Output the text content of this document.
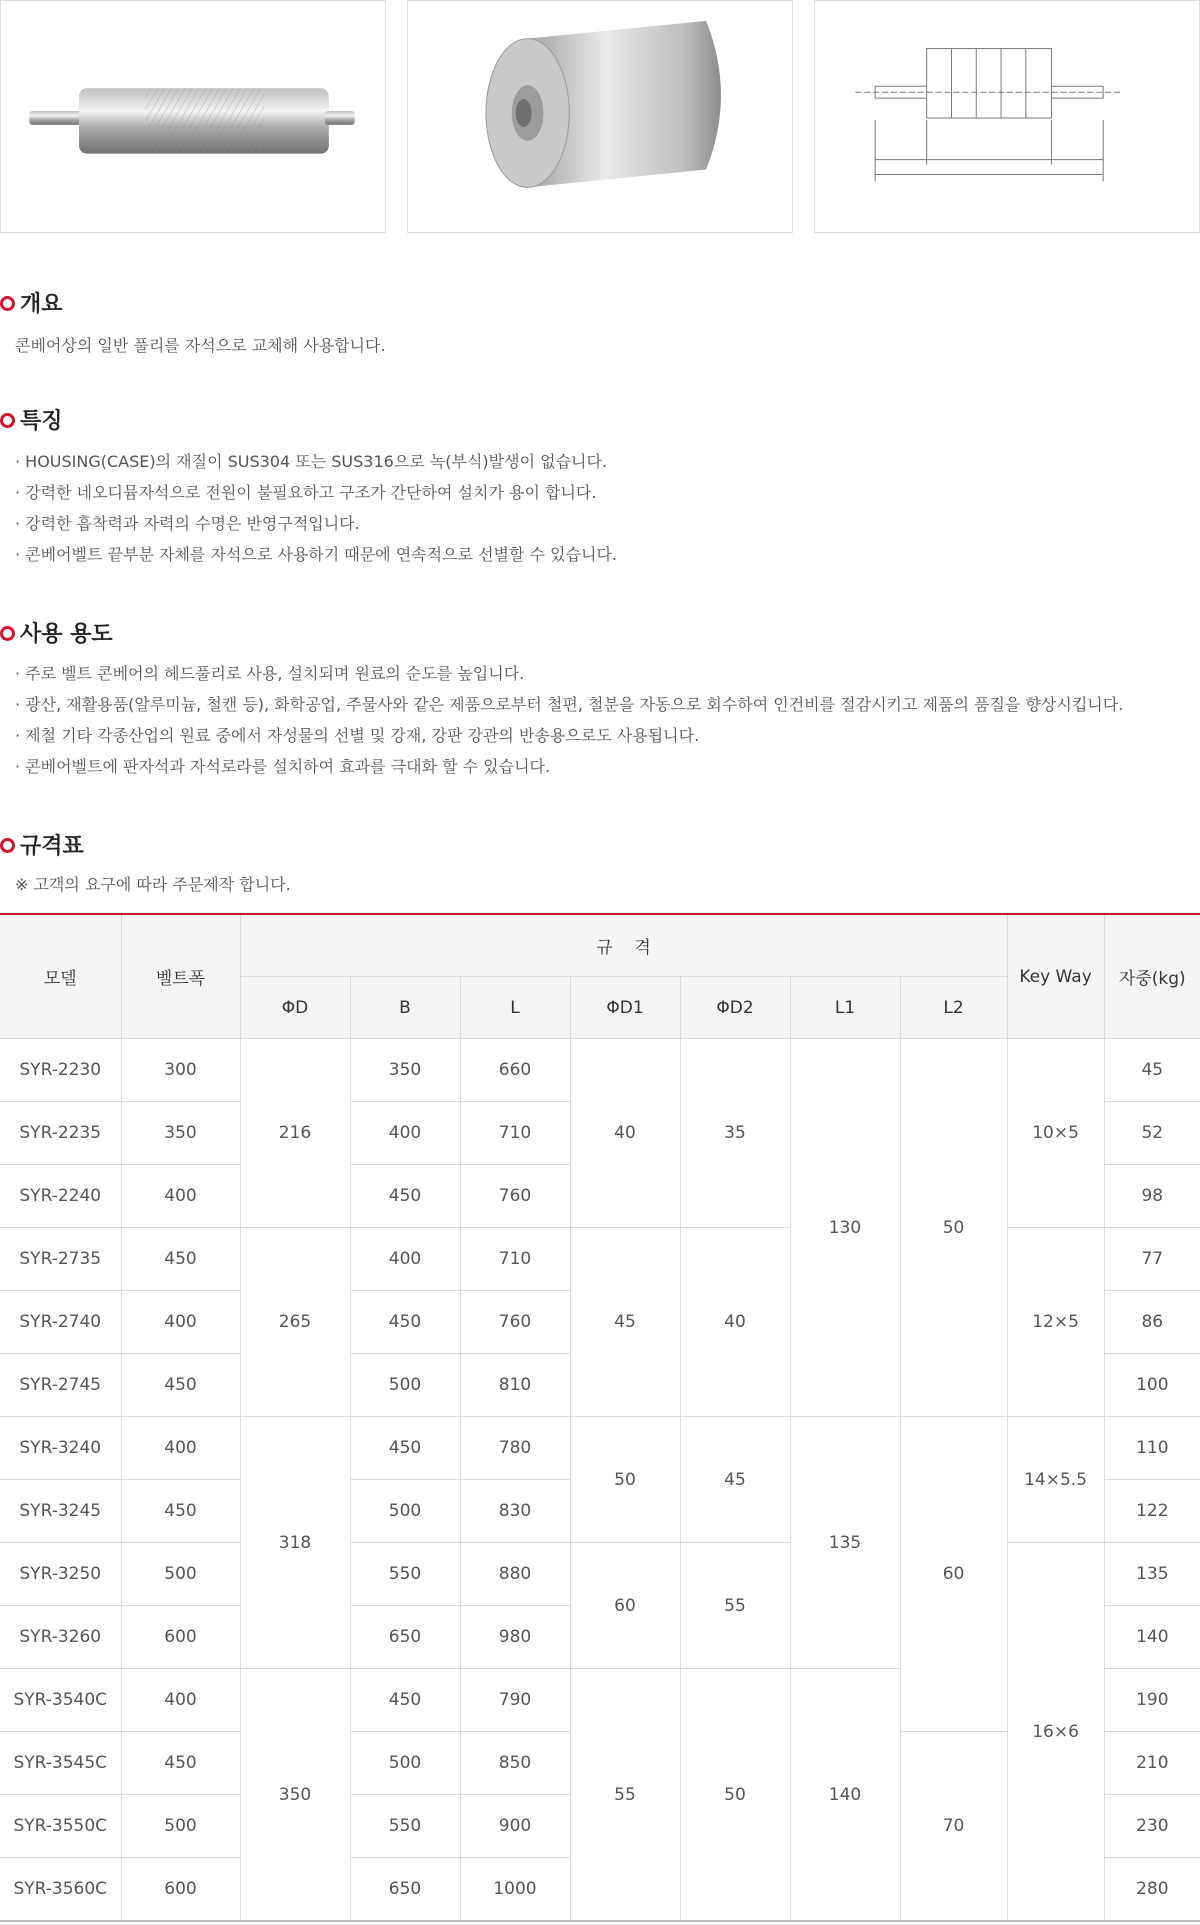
개요
콘베어상의 일반 풀리를 자석으로 교체해 사용합니다.
특징
· HOUSING(CASE)의 재질이 SUS304 또는 SUS316으로 녹(부식)발생이 없습니다.
· 강력한 네오디뮴자석으로 전원이 불필요하고 구조가 간단하여 설치가 용이 합니다.
· 강력한 흡착력과 자력의 수명은 반영구적입니다.
· 콘베어벨트 끝부분 자체를 자석으로 사용하기 때문에 연속적으로 선별할 수 있습니다.
사용 용도
· 주로 벨트 콘베어의 헤드풀리로 사용, 설치되며 원료의 순도를 높입니다.
· 광산, 재활용품(알루미늄, 철캔 등), 화학공업, 주물사와 같은 제품으로부터 철편, 철분을 자동으로 회수하여 인건비를 절감시키고 제품의 품질을 향상시킵니다.
· 제철 기타 각종산업의 원료 중에서 자성물의 선별 및 강재, 강판 강관의 반송용으로도 사용됩니다.
· 콘베어벨트에 판자석과 자석로라를 설치하여 효과를 극대화 할 수 있습니다.
규격표
※ 고객의 요구에 따라 주문제작 합니다.
모델	벨트폭	규    격							Key Way	자중(kg)
		ΦD	B	L	ΦD1	ΦD2	L1	L2		
SYR-2230	300	216	350	660	40	35	130	50	10×5	45
SYR-2235	350		400	710						52
SYR-2240	400		450	760						98
SYR-2735	450	265	400	710	45	40			12×5	77
SYR-2740	400		450	760						86
SYR-2745	450		500	810						100
SYR-3240	400	318	450	780	50	45	135	60	14×5.5	110
SYR-3245	450		500	830						122
SYR-3250	500		550	880	60	55			16×6	135
SYR-3260	600		650	980						140
SYR-3540C	400	350	450	790	55	50	140			190
SYR-3545C	450		500	850				70		210
SYR-3550C	500		550	900						230
SYR-3560C	600		650	1000						280
